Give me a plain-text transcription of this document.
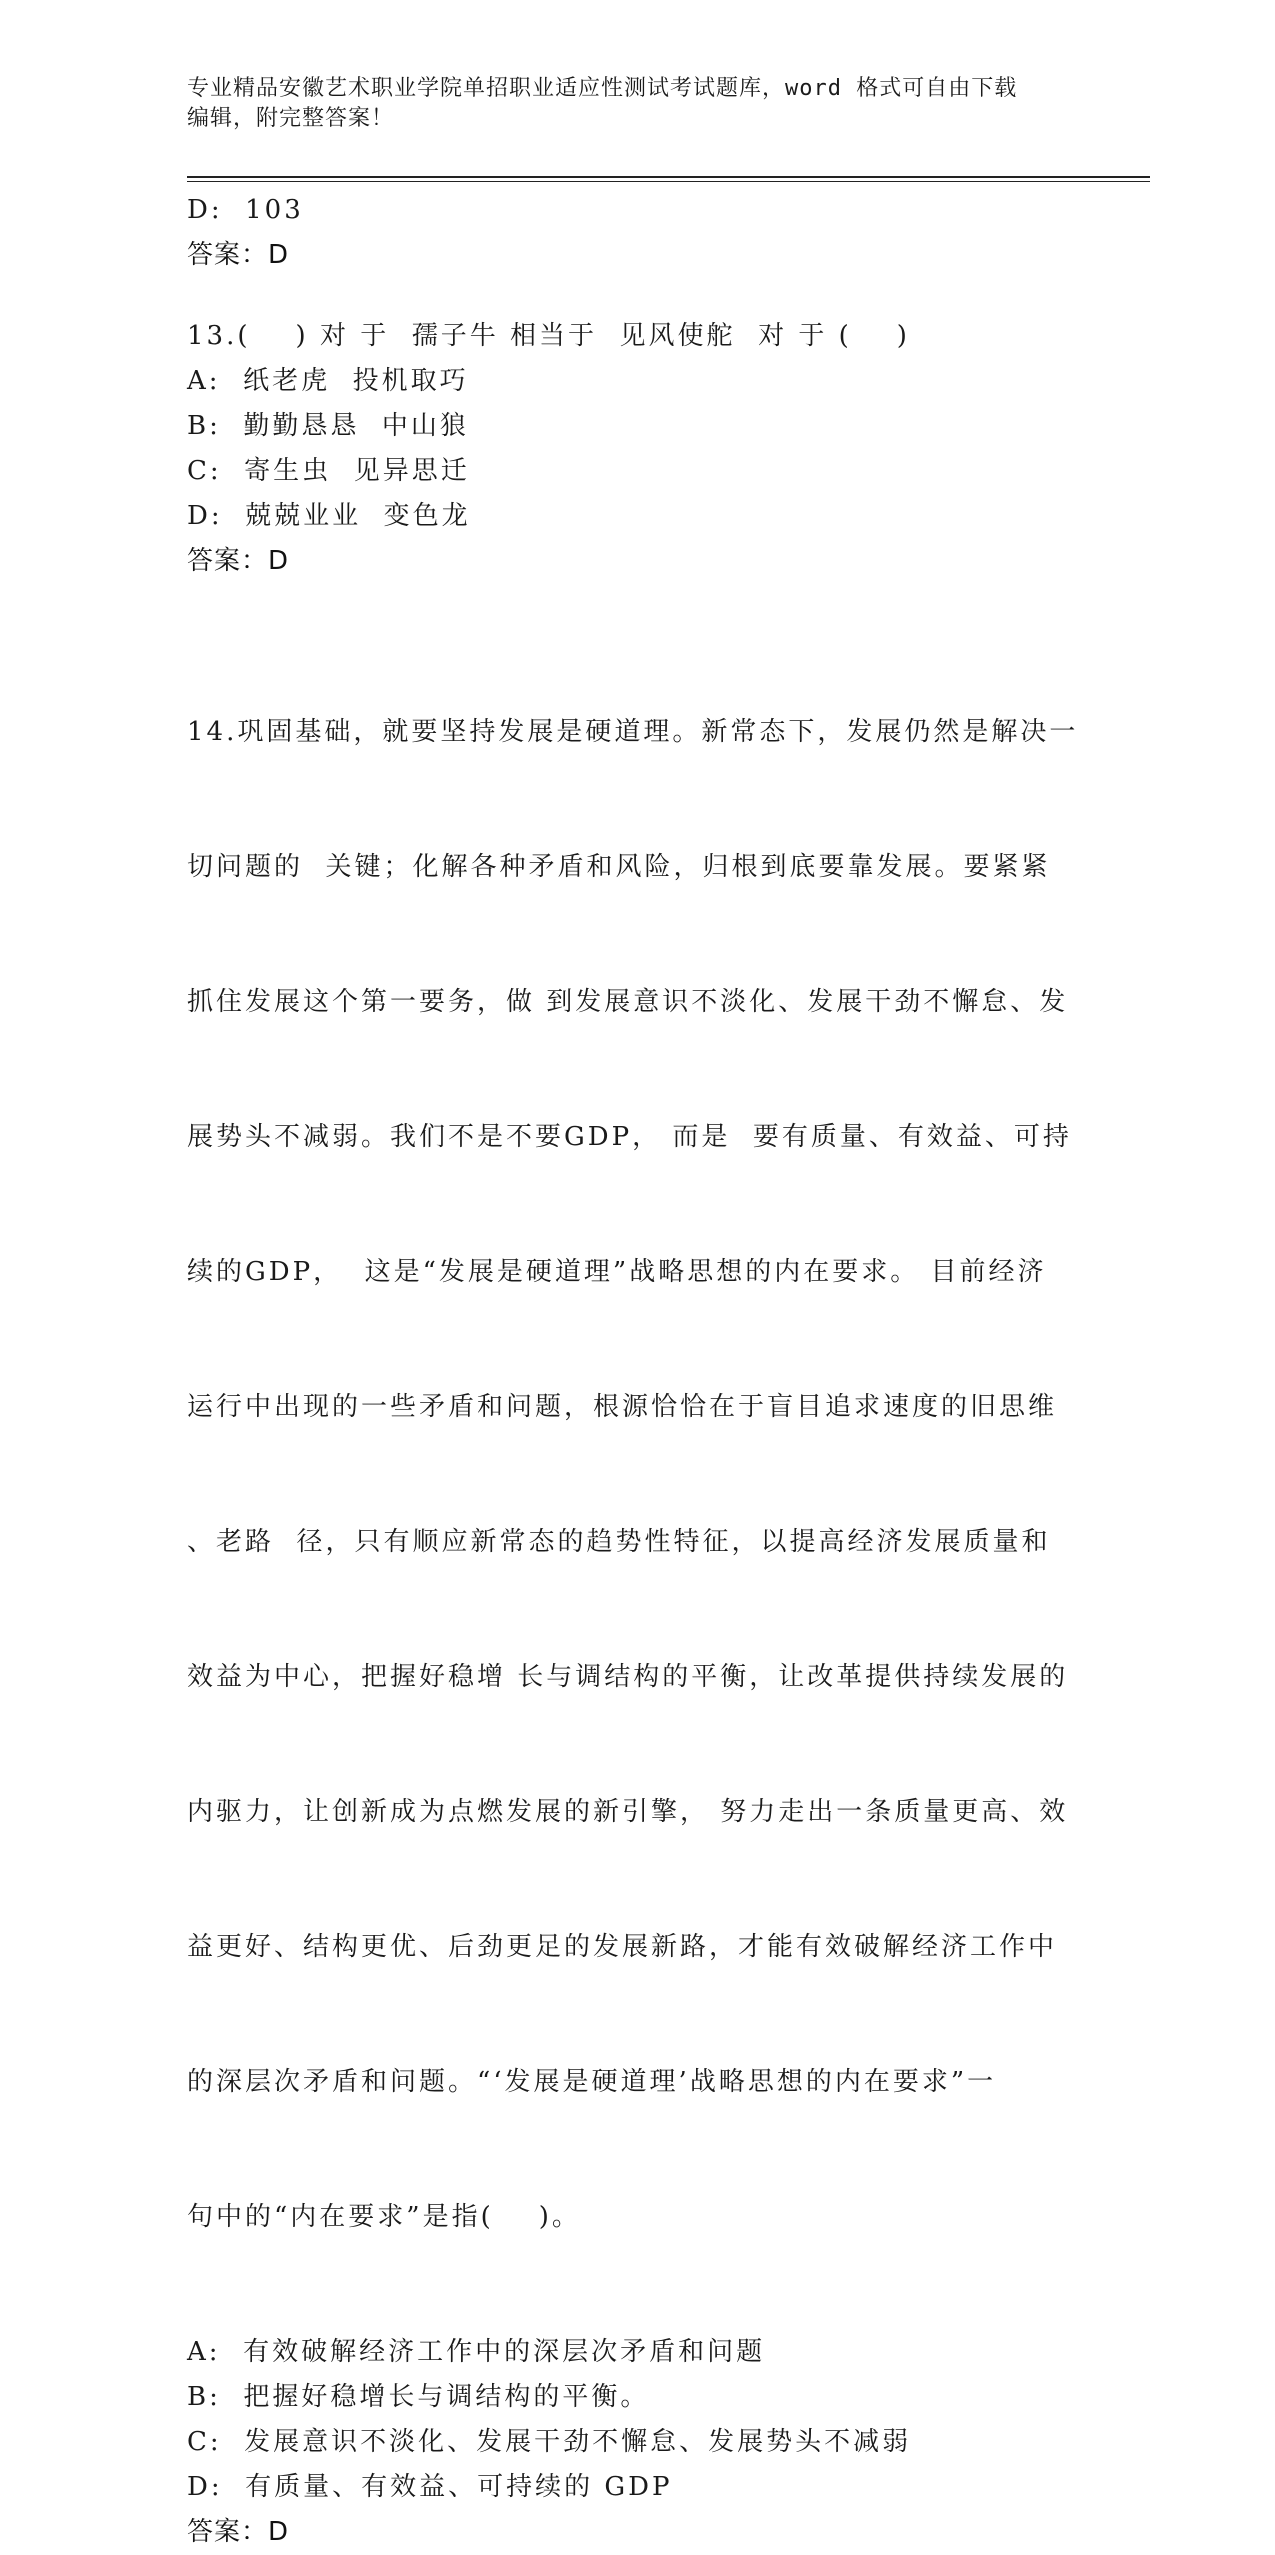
专业精品安徽艺术职业学院单招职业适应性测试考试题库，word 格式可自由下载
编辑，附完整答案！
D:  103
答案：D
13.(    ) 对 于  孺子牛 相当于  见风使舵  对 于 (    )
A:  纸老虎  投机取巧
B:  勤勤恳恳  中山狼
C:  寄生虫  见异思迁
D:  兢兢业业  变色龙
答案：D

14.巩固基础，就要坚持发展是硬道理。新常态下，发展仍然是解决一

切问题的  关键；化解各种矛盾和风险，归根到底要靠发展。要紧紧

抓住发展这个第一要务，做 到发展意识不淡化、发展干劲不懈怠、发

展势头不减弱。我们不是不要GDP， 而是  要有质量、有效益、可持

续的GDP，  这是“发展是硬道理”战略思想的内在要求。 目前经济

运行中出现的一些矛盾和问题，根源恰恰在于盲目追求速度的旧思维

、老路  径，只有顺应新常态的趋势性特征，以提高经济发展质量和

效益为中心，把握好稳增 长与调结构的平衡，让改革提供持续发展的

内驱力，让创新成为点燃发展的新引擎， 努力走出一条质量更高、效

益更好、结构更优、后劲更足的发展新路，才能有效破解经济工作中

的深层次矛盾和问题。“‘发展是硬道理’战略思想的内在要求”一

句中的“内在要求”是指(    )。

A:  有效破解经济工作中的深层次矛盾和问题
B:  把握好稳增长与调结构的平衡。
C:  发展意识不淡化、发展干劲不懈怠、发展势头不减弱
D:  有质量、有效益、可持续的 GDP
答案：D
